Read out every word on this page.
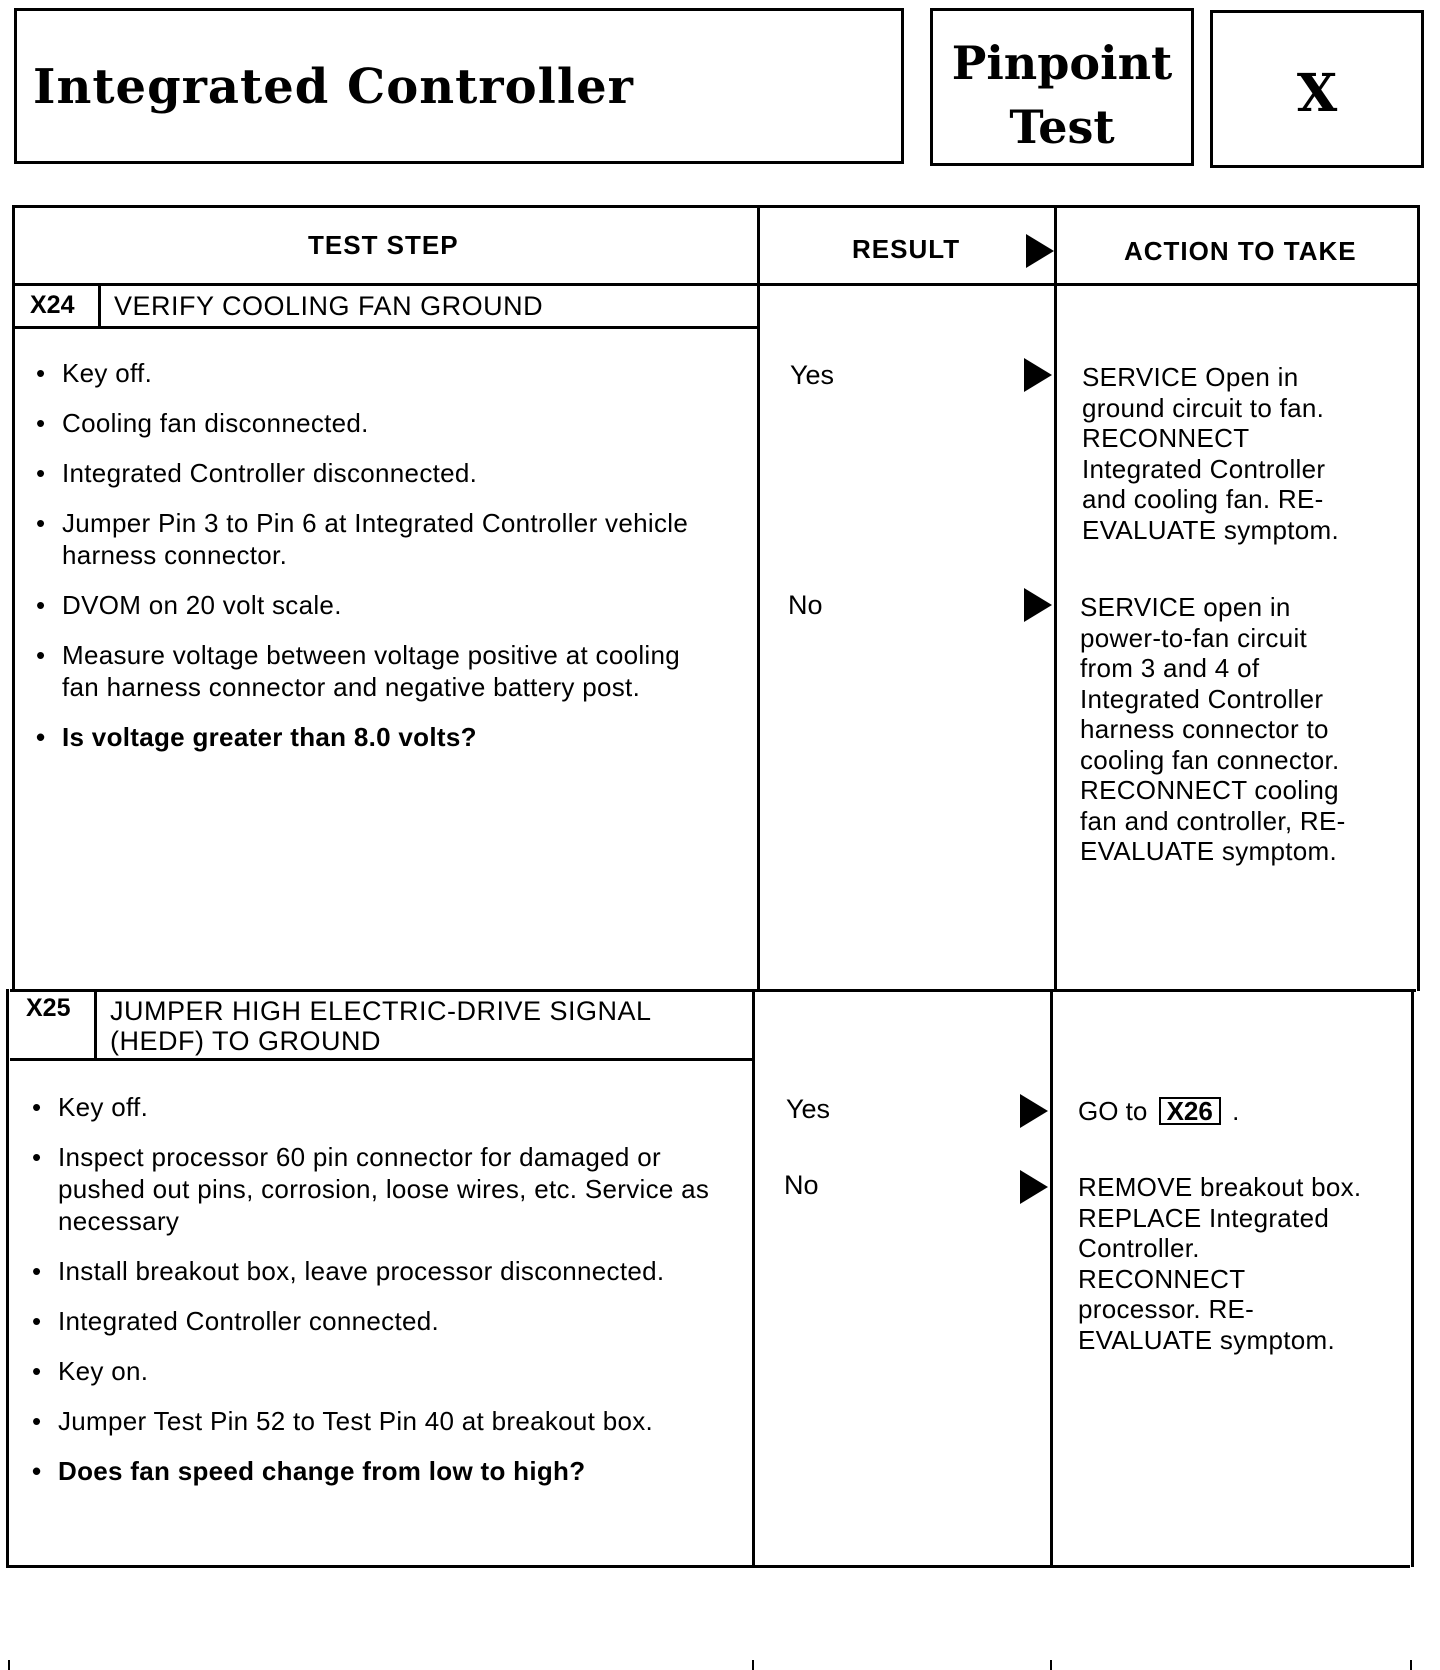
Integrated Controller	Pinpoint
Test
X
TEST STEP	RESULT	ACTION TO TAKE
X24 VERIFY COOLING FAN GROUND
• Key off.
• Cooling fan disconnected.
• Integrated Controller disconnected.
• Jumper Pin 3 to Pin 6 at Integrated Controller vehicle harness connector.
• DVOM on 20 volt scale.
• Measure voltage between voltage positive at cooling fan harness connector and negative battery post.
• Is voltage greater than 8.0 volts?
Yes	SERVICE Open in
ground circuit to fan.
RECONNECT
Integrated Controller
and cooling fan. RE-
EVALUATE symptom.
No	SERVICE open in
power-to-fan circuit
from 3 and 4 of
Integrated Controller
harness connector to
cooling fan connector.
RECONNECT cooling
fan and controller, RE-
EVALUATE symptom.
X25 JUMPER HIGH ELECTRIC-DRIVE SIGNAL (HEDF) TO GROUND
• Key off.
• Inspect processor 60 pin connector for damaged or pushed out pins, corrosion, loose wires, etc. Service as necessary
• Install breakout box, leave processor disconnected.
• Integrated Controller connected.
• Key on.
• Jumper Test Pin 52 to Test Pin 40 at breakout box.
• Does fan speed change from low to high?
Yes	GO to X26 .
No	REMOVE breakout box.
REPLACE Integrated
Controller.
RECONNECT
processor. RE-
EVALUATE symptom.
